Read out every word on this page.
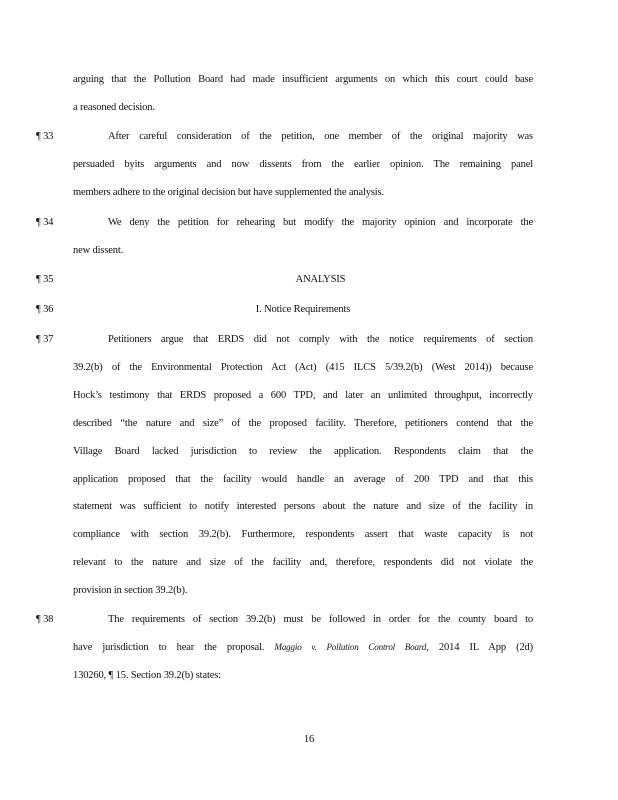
arguing that the Pollution Board had made insufficient arguments on which this court could base
a reasoned decision.
¶ 33	After careful consideration of the petition, one member of the original majority was
persuaded byits arguments and now dissents from the earlier opinion. The remaining panel
members adhere to the original decision but have supplemented the analysis.
¶ 34	We deny the petition for rehearing but modify the majority opinion and incorporate the
new dissent.
¶ 35	ANALYSIS
¶ 36	I. Notice Requirements
¶ 37	Petitioners argue that ERDS did not comply with the notice requirements of section
39.2(b) of the Environmental Protection Act (Act) (415 ILCS 5/39.2(b) (West 2014)) because
Hock’s testimony that ERDS proposed a 600 TPD, and later an unlimited throughput, incorrectly
described “the nature and size” of the proposed facility. Therefore, petitioners contend that the
Village Board lacked jurisdiction to review the application. Respondents claim that the
application proposed that the facility would handle an average of 200 TPD and that this
statement was sufficient to notify interested persons about the nature and size of the facility in
compliance with section 39.2(b). Furthermore, respondents assert that waste capacity is not
relevant to the nature and size of the facility and, therefore, respondents did not violate the
provision in section 39.2(b).
¶ 38	The requirements of section 39.2(b) must be followed in order for the county board to
have jurisdiction to hear the proposal. Maggio v. Pollution Control Board, 2014 IL App (2d)
130260, ¶ 15. Section 39.2(b) states:
16
